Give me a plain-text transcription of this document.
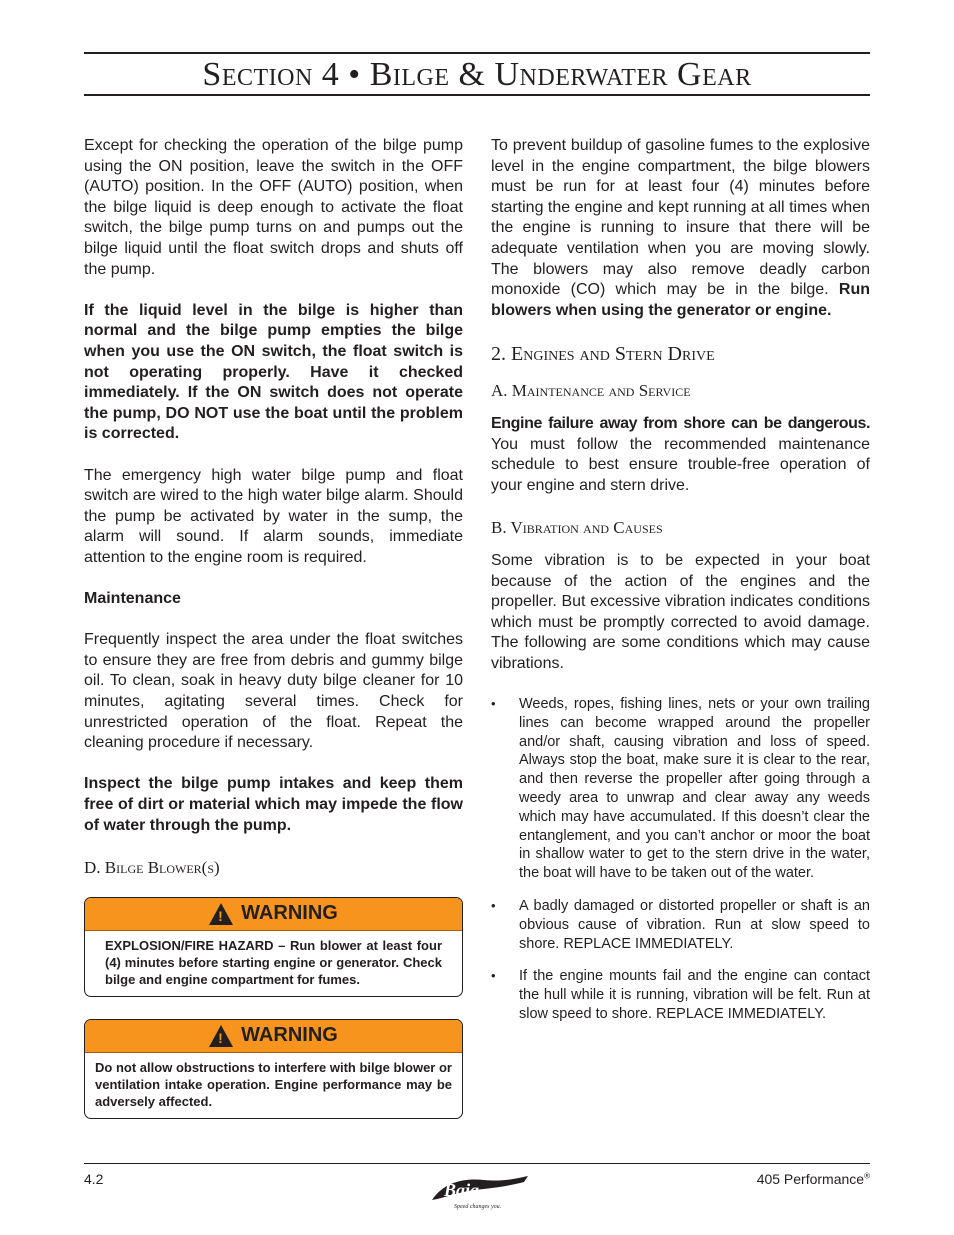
Section 4 • Bilge & Underwater Gear

Except for checking the operation of the bilge pump using the ON position, leave the switch in the OFF (AUTO) position. In the OFF (AUTO) position, when the bilge liquid is deep enough to activate the float switch, the bilge pump turns on and pumps out the bilge liquid until the float switch drops and shuts off the pump.

If the liquid level in the bilge is higher than normal and the bilge pump empties the bilge when you use the ON switch, the float switch is not operating properly. Have it checked immediately. If the ON switch does not operate the pump, DO NOT use the boat until the problem is corrected.

The emergency high water bilge pump and float switch are wired to the high water bilge alarm. Should the pump be activated by water in the sump, the alarm will sound. If alarm sounds, immediate attention to the engine room is required.

Maintenance

Frequently inspect the area under the float switches to ensure they are free from debris and gummy bilge oil. To clean, soak in heavy duty bilge cleaner for 10 minutes, agitating several times. Check for unrestricted operation of the float. Repeat the cleaning procedure if necessary.

Inspect the bilge pump intakes and keep them free of dirt or material which may impede the flow of water through the pump.

D. Bilge Blower(s)
! WARNING
EXPLOSION/FIRE HAZARD – Run blower at least four (4) minutes before starting engine or generator. Check bilge and engine compartment for fumes.
! WARNING
Do not allow obstructions to interfere with bilge blower or ventilation intake operation. Engine performance may be adversely affected.

To prevent buildup of gasoline fumes to the explosive level in the engine compartment, the bilge blowers must be run for at least four (4) minutes before starting the engine and kept running at all times when the engine is running to insure that there will be adequate ventilation when you are moving slowly. The blowers may also remove deadly carbon monoxide (CO) which may be in the bilge. Run blowers when using the generator or engine.

2. Engines and Stern Drive
A. Maintenance and Service

Engine failure away from shore can be dangerous. You must follow the recommended maintenance schedule to best ensure trouble-free operation of your engine and stern drive.

B. Vibration and Causes

Some vibration is to be expected in your boat because of the action of the engines and the propeller. But excessive vibration indicates conditions which must be promptly corrected to avoid damage. The following are some conditions which may cause vibrations.

• Weeds, ropes, fishing lines, nets or your own trailing lines can become wrapped around the propeller and/or shaft, causing vibration and loss of speed. Always stop the boat, make sure it is clear to the rear, and then reverse the propeller after going through a weedy area to unwrap and clear away any weeds which may have accumulated. If this doesn’t clear the entanglement, and you can’t anchor or moor the boat in shallow water to get to the stern drive in the water, the boat will have to be taken out of the water.
• A badly damaged or distorted propeller or shaft is an obvious cause of vibration. Run at slow speed to shore. REPLACE IMMEDIATELY.
• If the engine mounts fail and the engine can contact the hull while it is running, vibration will be felt. Run at slow speed to shore. REPLACE IMMEDIATELY.
4.2
Baja
Speed changes you.
405 Performance®
